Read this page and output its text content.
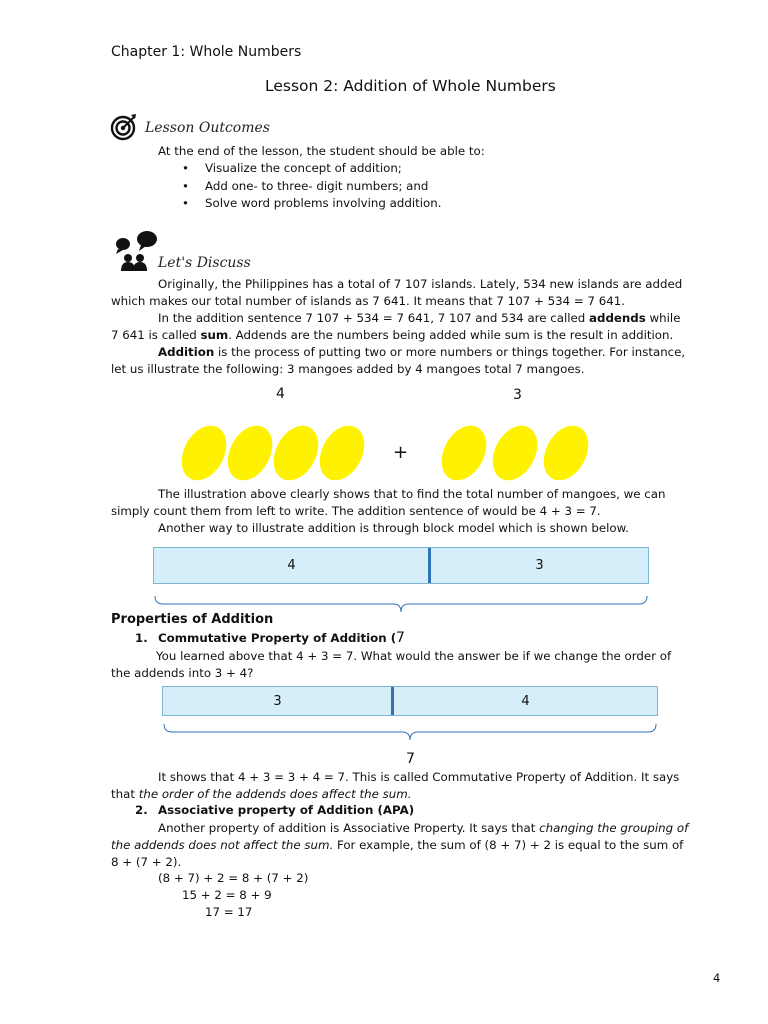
Chapter 1: Whole Numbers
Lesson 2: Addition of Whole Numbers
Lesson Outcomes
At the end of the lesson, the student should be able to:
• Visualize the concept of addition;
• Add one- to three- digit numbers; and
• Solve word problems involving addition.
Let's Discuss
Originally, the Philippines has a total of 7 107 islands. Lately, 534 new islands are added which makes our total number of islands as 7 641. It means that 7 107 + 534 = 7 641.
In the addition sentence 7 107 + 534 = 7 641, 7 107 and 534 are called addends while 7 641 is called sum. Addends are the numbers being added while sum is the result in addition.
Addition is the process of putting two or more numbers or things together. For instance, let us illustrate the following: 3 mangoes added by 4 mangoes total 7 mangoes.
4	3
+
The illustration above clearly shows that to find the total number of mangoes, we can simply count them from left to write. The addition sentence of would be 4 + 3 = 7.
Another way to illustrate addition is through block model which is shown below.
4	3
Properties of Addition
1. Commutative Property of Addition ( 7
You learned above that 4 + 3 = 7. What would the answer be if we change the order of the addends into 3 + 4?
3	4
7
It shows that 4 + 3 = 3 + 4 = 7. This is called Commutative Property of Addition. It says that the order of the addends does affect the sum.
2. Associative property of Addition (APA)
Another property of addition is Associative Property. It says that changing the grouping of the addends does not affect the sum. For example, the sum of (8 + 7) + 2 is equal to the sum of 8 + (7 + 2).
(8 + 7) + 2 = 8 + (7 + 2)
15 + 2 = 8 + 9
17 = 17
4
